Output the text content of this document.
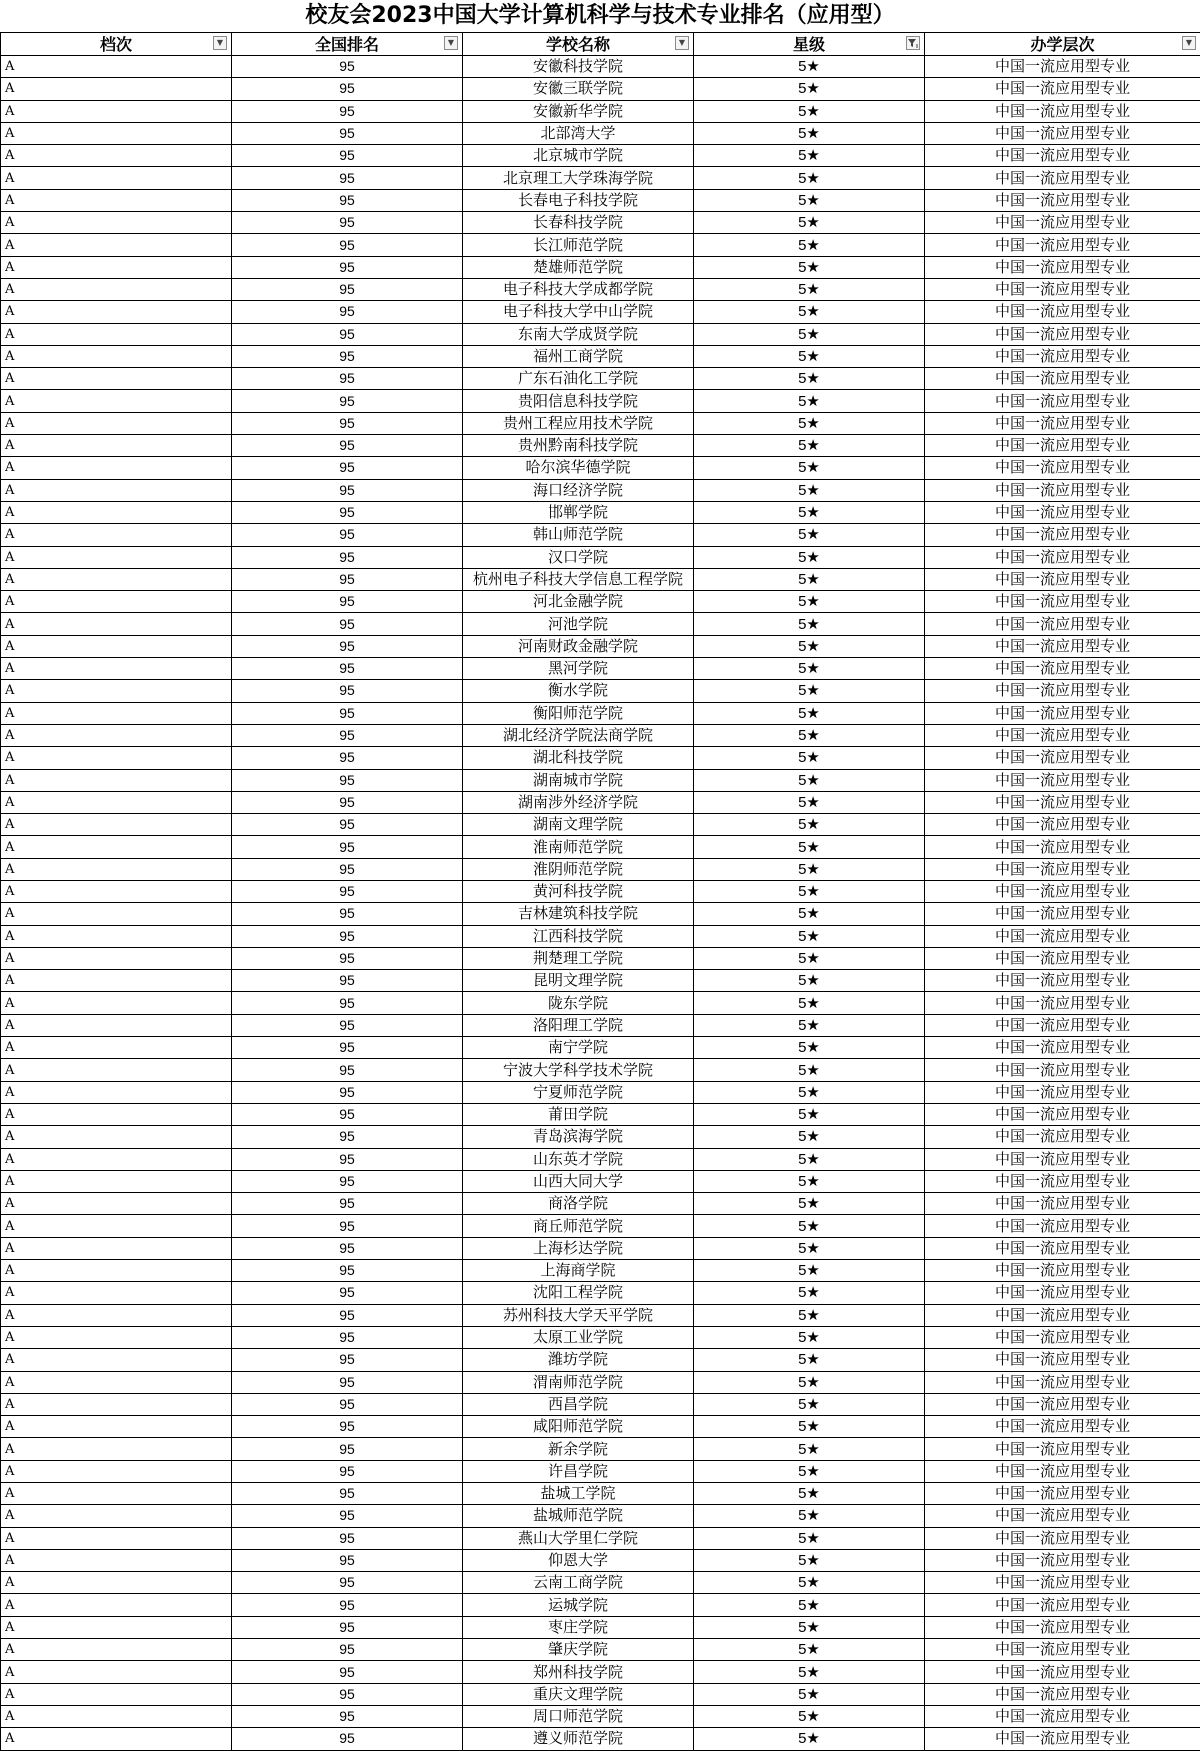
校友会2023中国大学计算机科学与技术专业排名（应用型）
档次 ▼	全国排名 ▼	学校名称 ▼	星级	办学层次 ▼

A	95	安徽科技学院	5★	中国一流应用型专业
A	95	安徽三联学院	5★	中国一流应用型专业
A	95	安徽新华学院	5★	中国一流应用型专业
A	95	北部湾大学	5★	中国一流应用型专业
A	95	北京城市学院	5★	中国一流应用型专业
A	95	北京理工大学珠海学院	5★	中国一流应用型专业
A	95	长春电子科技学院	5★	中国一流应用型专业
A	95	长春科技学院	5★	中国一流应用型专业
A	95	长江师范学院	5★	中国一流应用型专业
A	95	楚雄师范学院	5★	中国一流应用型专业
A	95	电子科技大学成都学院	5★	中国一流应用型专业
A	95	电子科技大学中山学院	5★	中国一流应用型专业
A	95	东南大学成贤学院	5★	中国一流应用型专业
A	95	福州工商学院	5★	中国一流应用型专业
A	95	广东石油化工学院	5★	中国一流应用型专业
A	95	贵阳信息科技学院	5★	中国一流应用型专业
A	95	贵州工程应用技术学院	5★	中国一流应用型专业
A	95	贵州黔南科技学院	5★	中国一流应用型专业
A	95	哈尔滨华德学院	5★	中国一流应用型专业
A	95	海口经济学院	5★	中国一流应用型专业
A	95	邯郸学院	5★	中国一流应用型专业
A	95	韩山师范学院	5★	中国一流应用型专业
A	95	汉口学院	5★	中国一流应用型专业
A	95	杭州电子科技大学信息工程学院	5★	中国一流应用型专业
A	95	河北金融学院	5★	中国一流应用型专业
A	95	河池学院	5★	中国一流应用型专业
A	95	河南财政金融学院	5★	中国一流应用型专业
A	95	黑河学院	5★	中国一流应用型专业
A	95	衡水学院	5★	中国一流应用型专业
A	95	衡阳师范学院	5★	中国一流应用型专业
A	95	湖北经济学院法商学院	5★	中国一流应用型专业
A	95	湖北科技学院	5★	中国一流应用型专业
A	95	湖南城市学院	5★	中国一流应用型专业
A	95	湖南涉外经济学院	5★	中国一流应用型专业
A	95	湖南文理学院	5★	中国一流应用型专业
A	95	淮南师范学院	5★	中国一流应用型专业
A	95	淮阴师范学院	5★	中国一流应用型专业
A	95	黄河科技学院	5★	中国一流应用型专业
A	95	吉林建筑科技学院	5★	中国一流应用型专业
A	95	江西科技学院	5★	中国一流应用型专业
A	95	荆楚理工学院	5★	中国一流应用型专业
A	95	昆明文理学院	5★	中国一流应用型专业
A	95	陇东学院	5★	中国一流应用型专业
A	95	洛阳理工学院	5★	中国一流应用型专业
A	95	南宁学院	5★	中国一流应用型专业
A	95	宁波大学科学技术学院	5★	中国一流应用型专业
A	95	宁夏师范学院	5★	中国一流应用型专业
A	95	莆田学院	5★	中国一流应用型专业
A	95	青岛滨海学院	5★	中国一流应用型专业
A	95	山东英才学院	5★	中国一流应用型专业
A	95	山西大同大学	5★	中国一流应用型专业
A	95	商洛学院	5★	中国一流应用型专业
A	95	商丘师范学院	5★	中国一流应用型专业
A	95	上海杉达学院	5★	中国一流应用型专业
A	95	上海商学院	5★	中国一流应用型专业
A	95	沈阳工程学院	5★	中国一流应用型专业
A	95	苏州科技大学天平学院	5★	中国一流应用型专业
A	95	太原工业学院	5★	中国一流应用型专业
A	95	潍坊学院	5★	中国一流应用型专业
A	95	渭南师范学院	5★	中国一流应用型专业
A	95	西昌学院	5★	中国一流应用型专业
A	95	咸阳师范学院	5★	中国一流应用型专业
A	95	新余学院	5★	中国一流应用型专业
A	95	许昌学院	5★	中国一流应用型专业
A	95	盐城工学院	5★	中国一流应用型专业
A	95	盐城师范学院	5★	中国一流应用型专业
A	95	燕山大学里仁学院	5★	中国一流应用型专业
A	95	仰恩大学	5★	中国一流应用型专业
A	95	云南工商学院	5★	中国一流应用型专业
A	95	运城学院	5★	中国一流应用型专业
A	95	枣庄学院	5★	中国一流应用型专业
A	95	肇庆学院	5★	中国一流应用型专业
A	95	郑州科技学院	5★	中国一流应用型专业
A	95	重庆文理学院	5★	中国一流应用型专业
A	95	周口师范学院	5★	中国一流应用型专业
A	95	遵义师范学院	5★	中国一流应用型专业
